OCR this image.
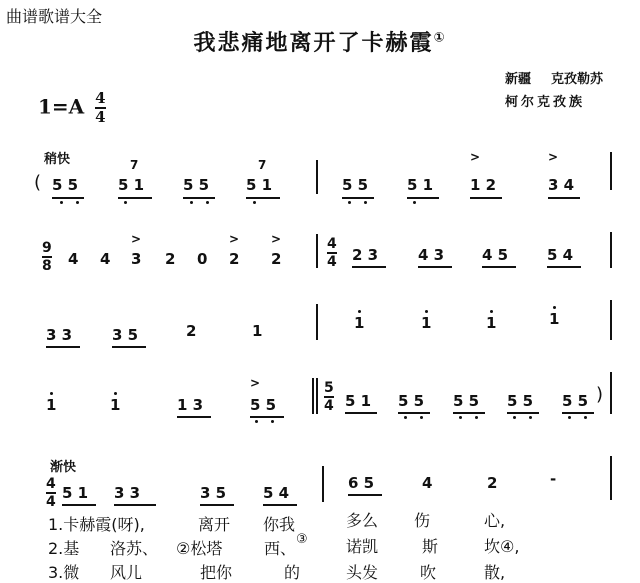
曲谱歌谱大全
我悲痛地离开了卡赫霞①
新疆 克孜勒苏
柯尔克孜族
$1=A \frac{4}{4}$
稍快
( 5 5	5 1
7
5 5 5 1
7
5 5	5 1 1 2
>
3 4
>
9
8 4 4 3
>
2 0 2
>
2
>	4
4 2 3	4 3	4 5	5 4
3 3	3 5	2	1	1	1	1	1
1	1	1 3	5 5
>	5
4 5 1 5 5 5 5 5 5 5 5 )
渐快
4
4 5 1 3 3	3 5 5 4
6 5	4	2	-
1.卡赫霞(呀),	离开 你我	多么 伤	心,
2.基 洛苏、 ②松塔	西、 ③ 诺凯	斯	坎④,
3.微 风儿	把你	的	头发	吹	散,
